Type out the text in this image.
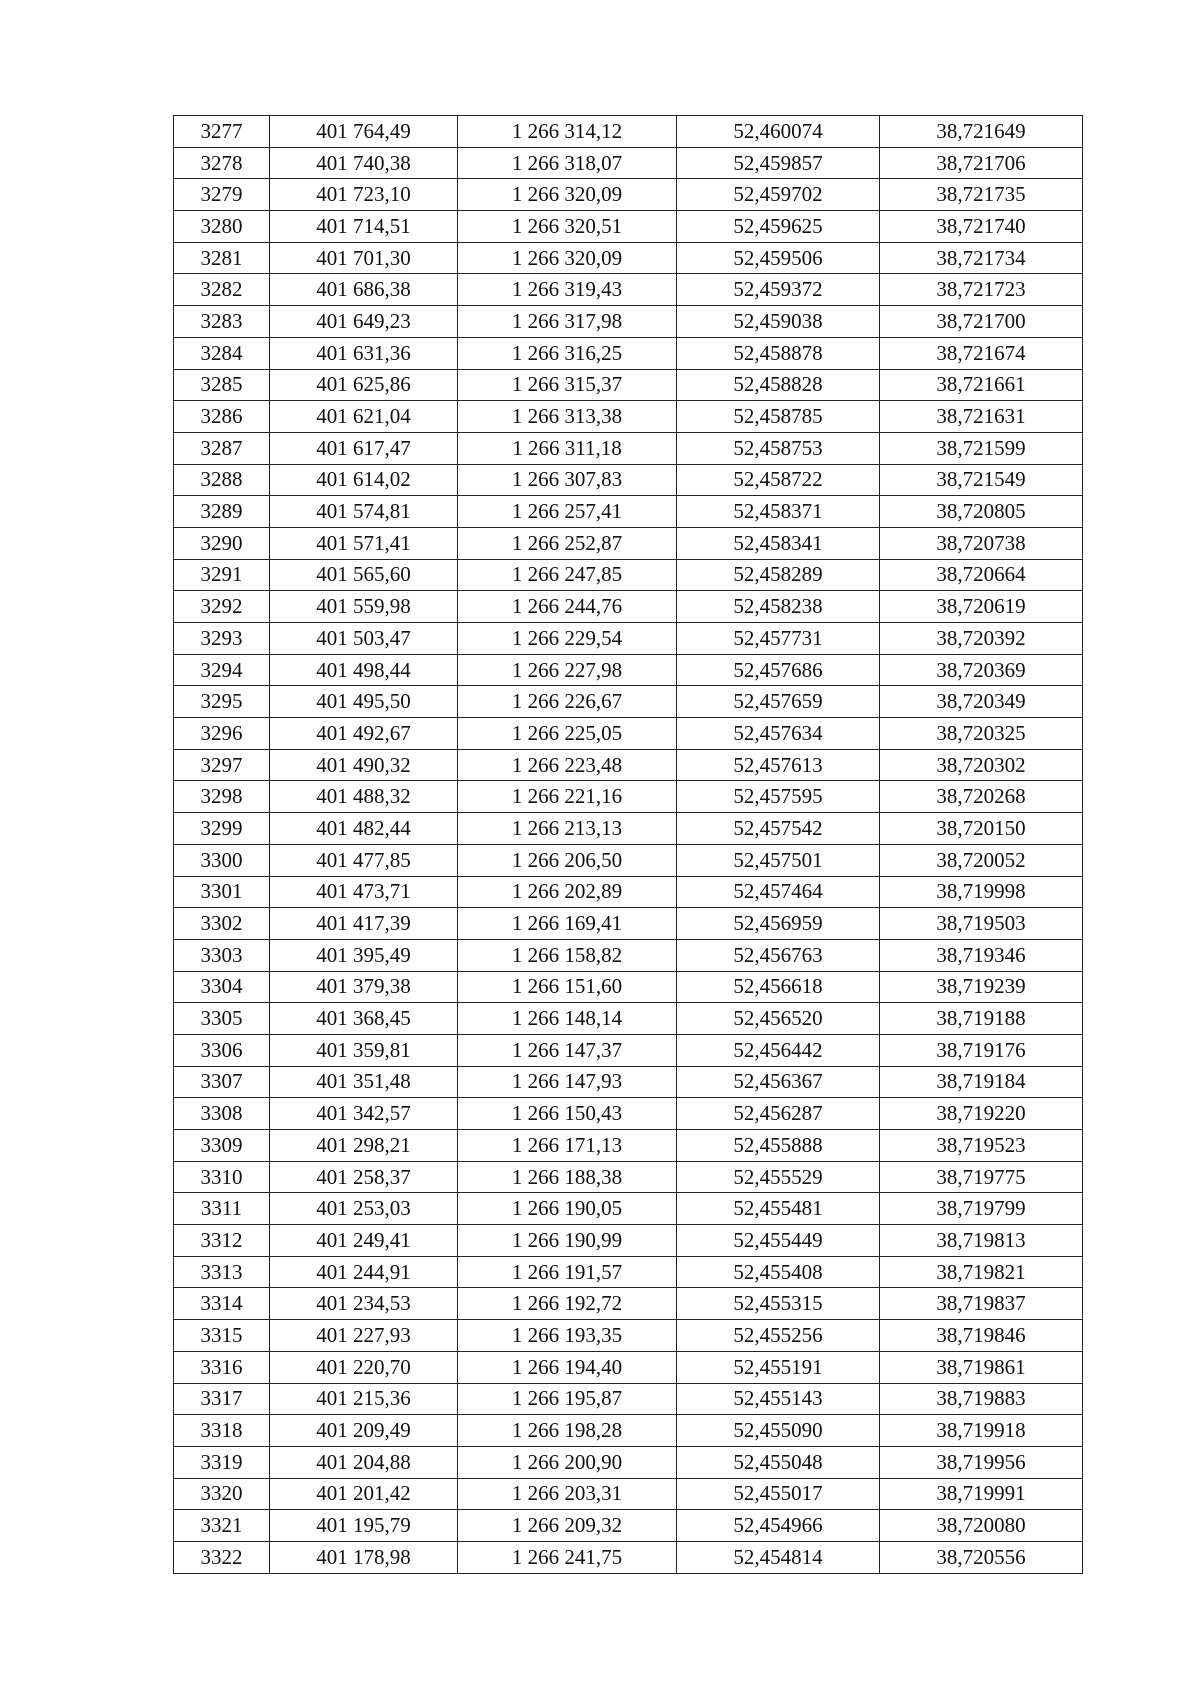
3277	401 764,49	1 266 314,12	52,460074	38,721649
3278	401 740,38	1 266 318,07	52,459857	38,721706
3279	401 723,10	1 266 320,09	52,459702	38,721735
3280	401 714,51	1 266 320,51	52,459625	38,721740
3281	401 701,30	1 266 320,09	52,459506	38,721734
3282	401 686,38	1 266 319,43	52,459372	38,721723
3283	401 649,23	1 266 317,98	52,459038	38,721700
3284	401 631,36	1 266 316,25	52,458878	38,721674
3285	401 625,86	1 266 315,37	52,458828	38,721661
3286	401 621,04	1 266 313,38	52,458785	38,721631
3287	401 617,47	1 266 311,18	52,458753	38,721599
3288	401 614,02	1 266 307,83	52,458722	38,721549
3289	401 574,81	1 266 257,41	52,458371	38,720805
3290	401 571,41	1 266 252,87	52,458341	38,720738
3291	401 565,60	1 266 247,85	52,458289	38,720664
3292	401 559,98	1 266 244,76	52,458238	38,720619
3293	401 503,47	1 266 229,54	52,457731	38,720392
3294	401 498,44	1 266 227,98	52,457686	38,720369
3295	401 495,50	1 266 226,67	52,457659	38,720349
3296	401 492,67	1 266 225,05	52,457634	38,720325
3297	401 490,32	1 266 223,48	52,457613	38,720302
3298	401 488,32	1 266 221,16	52,457595	38,720268
3299	401 482,44	1 266 213,13	52,457542	38,720150
3300	401 477,85	1 266 206,50	52,457501	38,720052
3301	401 473,71	1 266 202,89	52,457464	38,719998
3302	401 417,39	1 266 169,41	52,456959	38,719503
3303	401 395,49	1 266 158,82	52,456763	38,719346
3304	401 379,38	1 266 151,60	52,456618	38,719239
3305	401 368,45	1 266 148,14	52,456520	38,719188
3306	401 359,81	1 266 147,37	52,456442	38,719176
3307	401 351,48	1 266 147,93	52,456367	38,719184
3308	401 342,57	1 266 150,43	52,456287	38,719220
3309	401 298,21	1 266 171,13	52,455888	38,719523
3310	401 258,37	1 266 188,38	52,455529	38,719775
3311	401 253,03	1 266 190,05	52,455481	38,719799
3312	401 249,41	1 266 190,99	52,455449	38,719813
3313	401 244,91	1 266 191,57	52,455408	38,719821
3314	401 234,53	1 266 192,72	52,455315	38,719837
3315	401 227,93	1 266 193,35	52,455256	38,719846
3316	401 220,70	1 266 194,40	52,455191	38,719861
3317	401 215,36	1 266 195,87	52,455143	38,719883
3318	401 209,49	1 266 198,28	52,455090	38,719918
3319	401 204,88	1 266 200,90	52,455048	38,719956
3320	401 201,42	1 266 203,31	52,455017	38,719991
3321	401 195,79	1 266 209,32	52,454966	38,720080
3322	401 178,98	1 266 241,75	52,454814	38,720556
